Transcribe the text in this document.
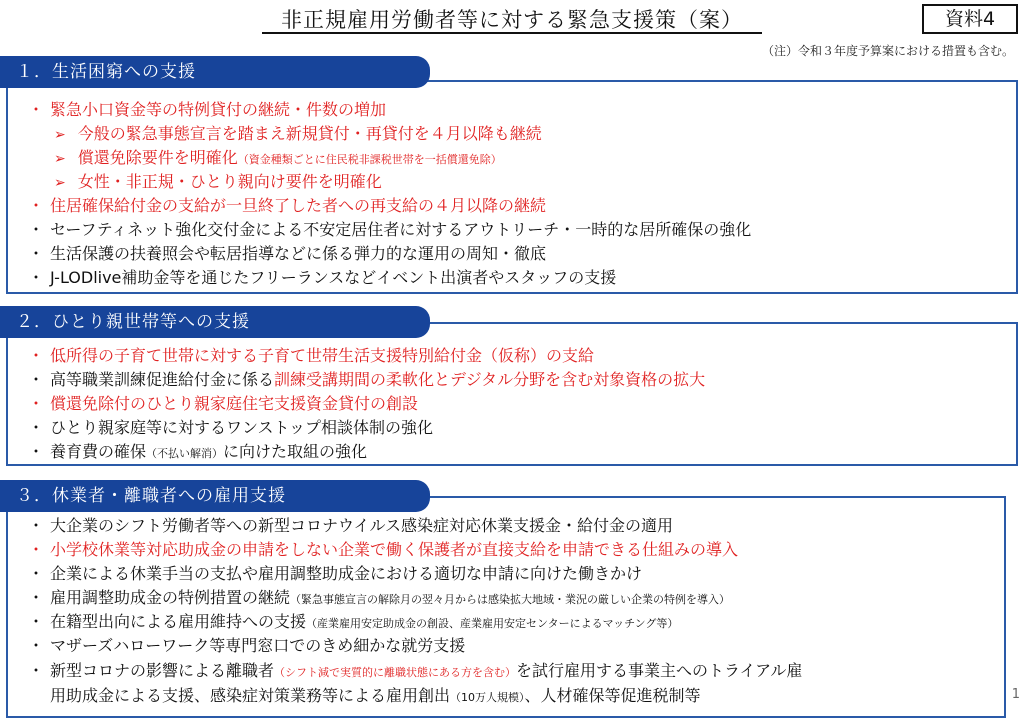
非正規雇用労働者等に対する緊急支援策（案）	資料4
（注）令和３年度予算案における措置も含む。
１．生活困窮への支援
・ 緊急小口資金等の特例貸付の継続・件数の増加
➢ 今般の緊急事態宣言を踏まえ新規貸付・再貸付を４月以降も継続
➢ 償還免除要件を明確化（資金種類ごとに住民税非課税世帯を一括償還免除）
➢ 女性・非正規・ひとり親向け要件を明確化
・ 住居確保給付金の支給が一旦終了した者への再支給の４月以降の継続
・ セーフティネット強化交付金による不安定居住者に対するアウトリーチ・一時的な居所確保の強化
・ 生活保護の扶養照会や転居指導などに係る弾力的な運用の周知・徹底
・ J-LODlive補助金等を通じたフリーランスなどイベント出演者やスタッフの支援
２．ひとり親世帯等への支援
・ 低所得の子育て世帯に対する子育て世帯生活支援特別給付金（仮称）の支給
・ 高等職業訓練促進給付金に係る訓練受講期間の柔軟化とデジタル分野を含む対象資格の拡大
・ 償還免除付のひとり親家庭住宅支援資金貸付の創設
・ ひとり親家庭等に対するワンストップ相談体制の強化
・ 養育費の確保（不払い解消）に向けた取組の強化
３．休業者・離職者への雇用支援
・ 大企業のシフト労働者等への新型コロナウイルス感染症対応休業支援金・給付金の適用
・ 小学校休業等対応助成金の申請をしない企業で働く保護者が直接支給を申請できる仕組みの導入
・ 企業による休業手当の支払や雇用調整助成金における適切な申請に向けた働きかけ
・ 雇用調整助成金の特例措置の継続（緊急事態宣言の解除月の翌々月からは感染拡大地域・業況の厳しい企業の特例を導入）
・ 在籍型出向による雇用維持への支援（産業雇用安定助成金の創設、産業雇用安定センターによるマッチング等）
・ マザーズハローワーク等専門窓口でのきめ細かな就労支援
・ 新型コロナの影響による離職者（シフト減で実質的に離職状態にある方を含む）を試行雇用する事業主へのトライアル雇
用助成金による支援、感染症対策業務等による雇用創出（10万人規模）、人材確保等促進税制等	1
